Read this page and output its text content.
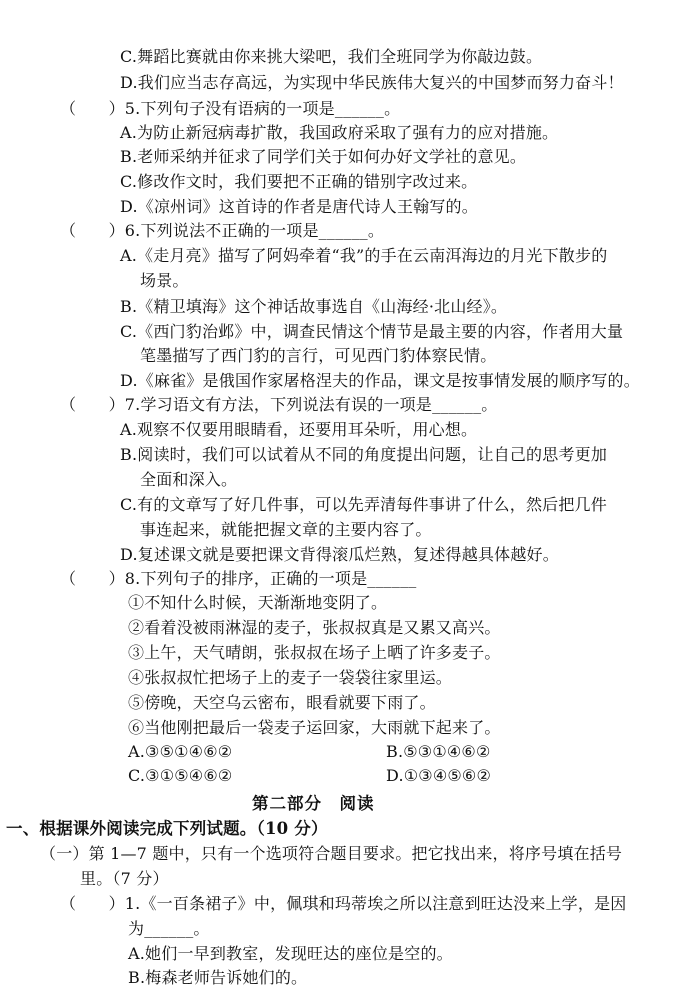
C.舞蹈比赛就由你来挑大梁吧，我们全班同学为你敲边鼓。
D.我们应当志存高远，为实现中华民族伟大复兴的中国梦而努力奋斗！
（　　）5.下列句子没有语病的一项是______。
A.为防止新冠病毒扩散，我国政府采取了强有力的应对措施。
B.老师采纳并征求了同学们关于如何办好文学社的意见。
C.修改作文时，我们要把不正确的错别字改过来。
D.《凉州词》这首诗的作者是唐代诗人王翰写的。
（　　）6.下列说法不正确的一项是______。
A.《走月亮》描写了阿妈牵着“我”的手在云南洱海边的月光下散步的
场景。
B.《精卫填海》这个神话故事选自《山海经·北山经》。
C.《西门豹治邺》中，调查民情这个情节是最主要的内容，作者用大量
笔墨描写了西门豹的言行，可见西门豹体察民情。
D.《麻雀》是俄国作家屠格涅夫的作品，课文是按事情发展的顺序写的。
（　　）7.学习语文有方法，下列说法有误的一项是______。
A.观察不仅要用眼睛看，还要用耳朵听，用心想。
B.阅读时，我们可以试着从不同的角度提出问题，让自己的思考更加
全面和深入。
C.有的文章写了好几件事，可以先弄清每件事讲了什么，然后把几件
事连起来，就能把握文章的主要内容了。
D.复述课文就是要把课文背得滚瓜烂熟，复述得越具体越好。
（　　）8.下列句子的排序，正确的一项是______
①不知什么时候，天渐渐地变阴了。
②看着没被雨淋湿的麦子，张叔叔真是又累又高兴。
③上午，天气晴朗，张叔叔在场子上晒了许多麦子。
④张叔叔忙把场子上的麦子一袋袋往家里运。
⑤傍晚，天空乌云密布，眼看就要下雨了。
⑥当他刚把最后一袋麦子运回家，大雨就下起来了。
A.③⑤①④⑥②	B.⑤③①④⑥②
C.③①⑤④⑥②	D.①③④⑤⑥②
第二部分　阅读
一、根据课外阅读完成下列试题。（10 分）
（一）第 1—7 题中，只有一个选项符合题目要求。把它找出来，将序号填在括号
里。（7 分）
（　　）1.《一百条裙子》中，佩琪和玛蒂埃之所以注意到旺达没来上学，是因
为______。
A.她们一早到教室，发现旺达的座位是空的。
B.梅森老师告诉她们的。
